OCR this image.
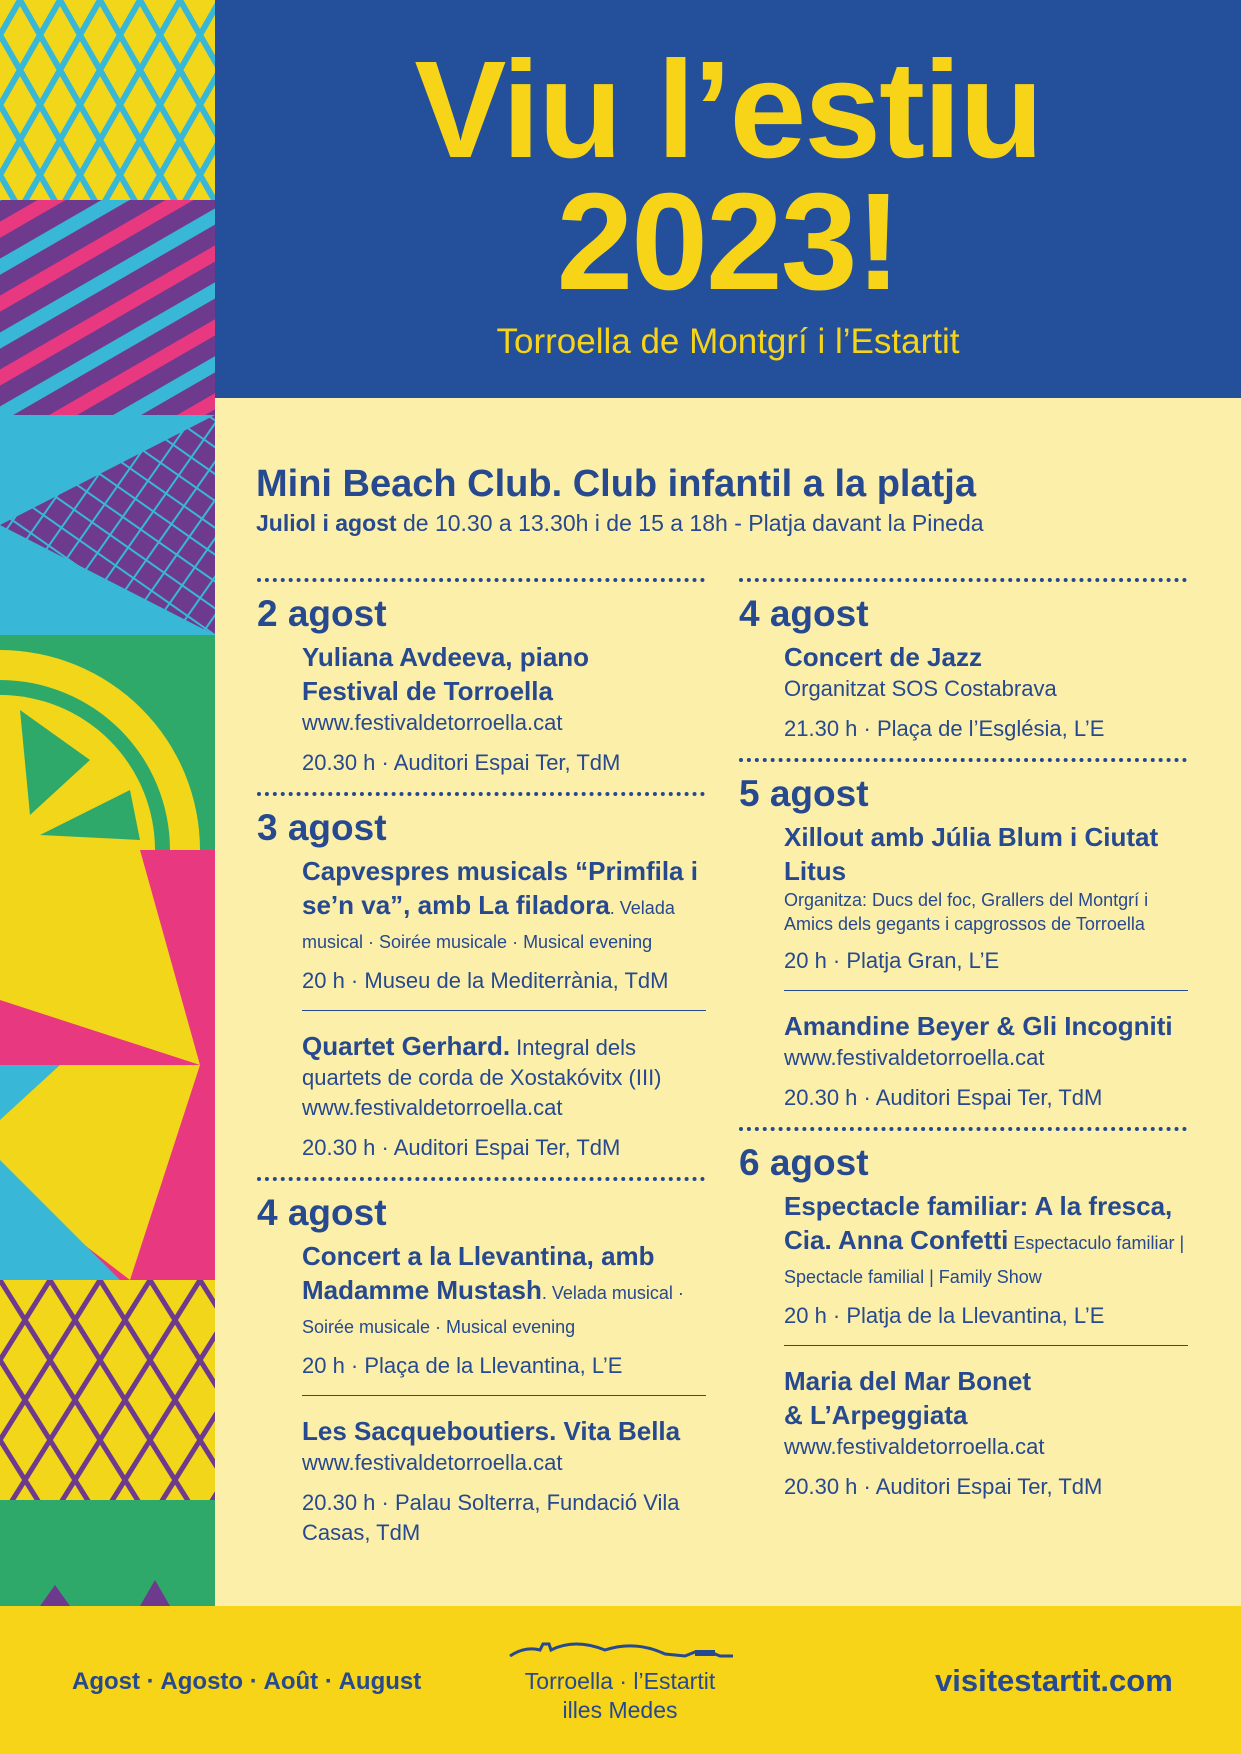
Viu l’estiu
2023!
Torroella de Montgrí i l’Estartit
Mini Beach Club. Club infantil a la platja
Juliol i agost de 10.30 a 13.30h i de 15 a 18h - Platja davant la Pineda
2 agost
Yuliana Avdeeva, piano
Festival de Torroella
www.festivaldetorroella.cat
20.30 h · Auditori Espai Ter, TdM
3 agost
Capvespres musicals “Primfila i se’n va”, amb La filadora. Velada musical · Soirée musicale · Musical evening
20 h · Museu de la Mediterrània, TdM
Quartet Gerhard. Integral dels quartets de corda de Xostakóvitx (III)
www.festivaldetorroella.cat
20.30 h · Auditori Espai Ter, TdM
4 agost
Concert a la Llevantina, amb Madamme Mustash. Velada musical · Soirée musicale · Musical evening
20 h · Plaça de la Llevantina, L’E
Les Sacqueboutiers. Vita Bella
www.festivaldetorroella.cat
20.30 h · Palau Solterra, Fundació Vila Casas, TdM
4 agost
Concert de Jazz
Organitzat SOS Costabrava
21.30 h · Plaça de l’Església, L’E
5 agost
Xillout amb Júlia Blum i Ciutat Litus
Organitza: Ducs del foc, Grallers del Montgrí i Amics dels gegants i capgrossos de Torroella
20 h · Platja Gran, L’E
Amandine Beyer & Gli Incogniti
www.festivaldetorroella.cat
20.30 h · Auditori Espai Ter, TdM
6 agost
Espectacle familiar: A la fresca, Cia. Anna Confetti Espectaculo familiar | Spectacle familial | Family Show
20 h · Platja de la Llevantina, L’E
Maria del Mar Bonet
& L’Arpeggiata
www.festivaldetorroella.cat
20.30 h · Auditori Espai Ter, TdM
Agost · Agosto · Août · August	Torroella · l’Estartit
illes Medes
visitestartit.com
